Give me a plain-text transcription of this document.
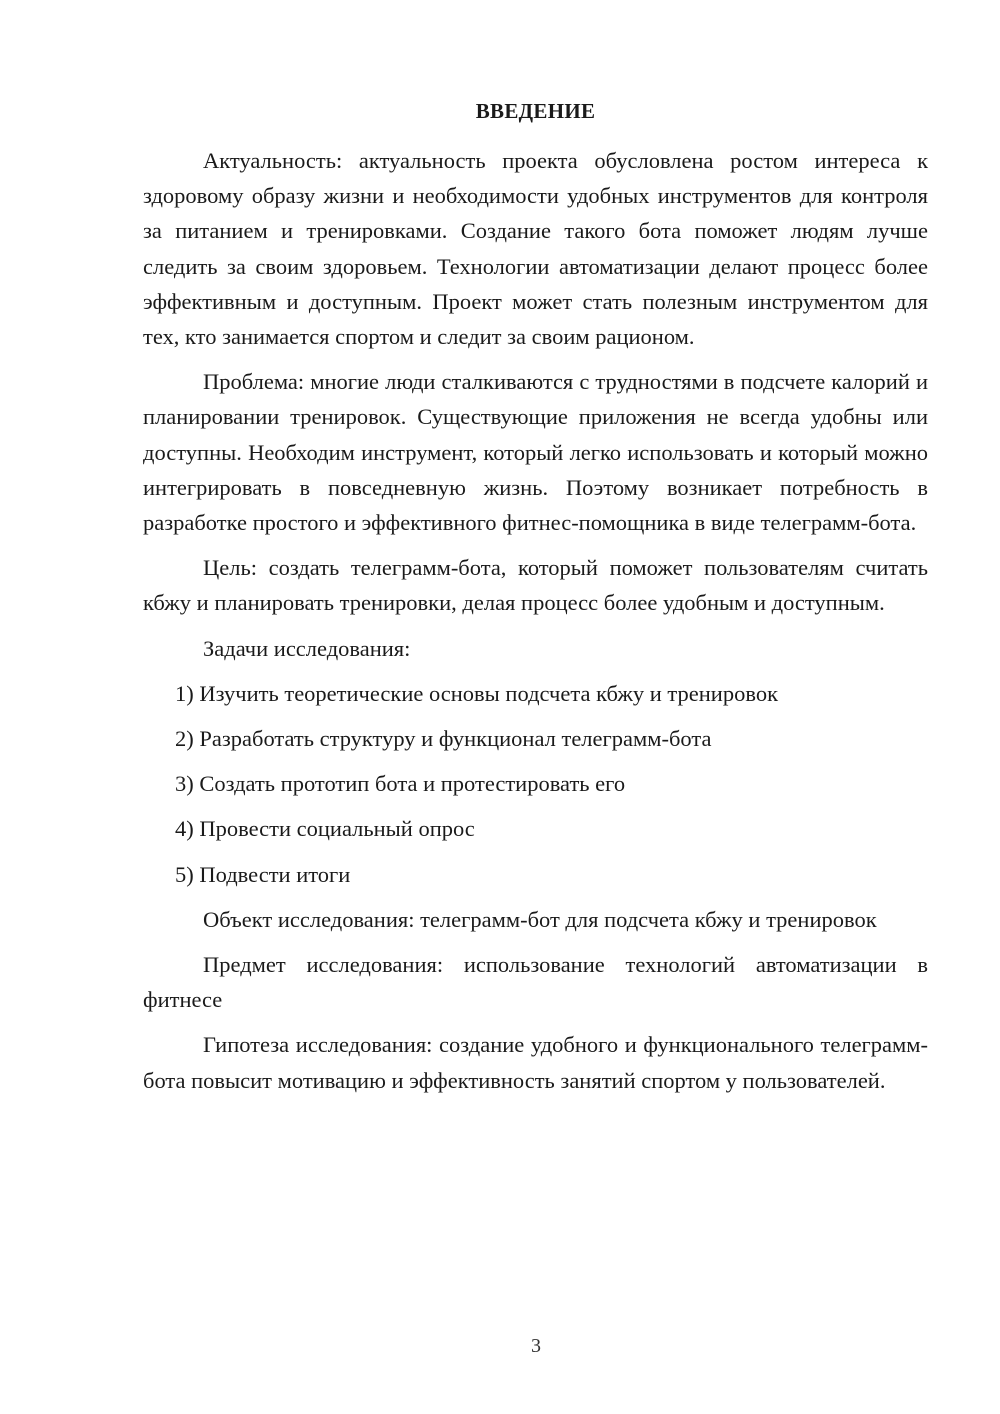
ВВЕДЕНИЕ

Актуальность: актуальность проекта обусловлена ростом интереса к здоровому образу жизни и необходимости удобных инструментов для контроля за питанием и тренировками. Создание такого бота поможет людям лучше следить за своим здоровьем. Технологии автоматизации делают процесс более эффективным и доступным. Проект может стать полезным инструментом для тех, кто занимается спортом и следит за своим рационом.

Проблема: многие люди сталкиваются с трудностями в подсчете калорий и планировании тренировок. Существующие приложения не всегда удобны или доступны. Необходим инструмент, который легко использовать и который можно интегрировать в повседневную жизнь. Поэтому возникает потребность в разработке простого и эффективного фитнес-помощника в виде телеграмм-бота.

Цель: создать телеграмм-бота, который поможет пользователям считать кбжу и планировать тренировки, делая процесс более удобным и доступным.

Задачи исследования:

1) Изучить теоретические основы подсчета кбжу и тренировок
2) Разработать структуру и функционал телеграмм-бота
3) Создать прототип бота и протестировать его
4) Провести социальный опрос
5) Подвести итоги

Объект исследования: телеграмм-бот для подсчета кбжу и тренировок

Предмет исследования: использование технологий автоматизации в фитнесе

Гипотеза исследования: создание удобного и функционального телеграмм-бота повысит мотивацию и эффективность занятий спортом у пользователей.

3
